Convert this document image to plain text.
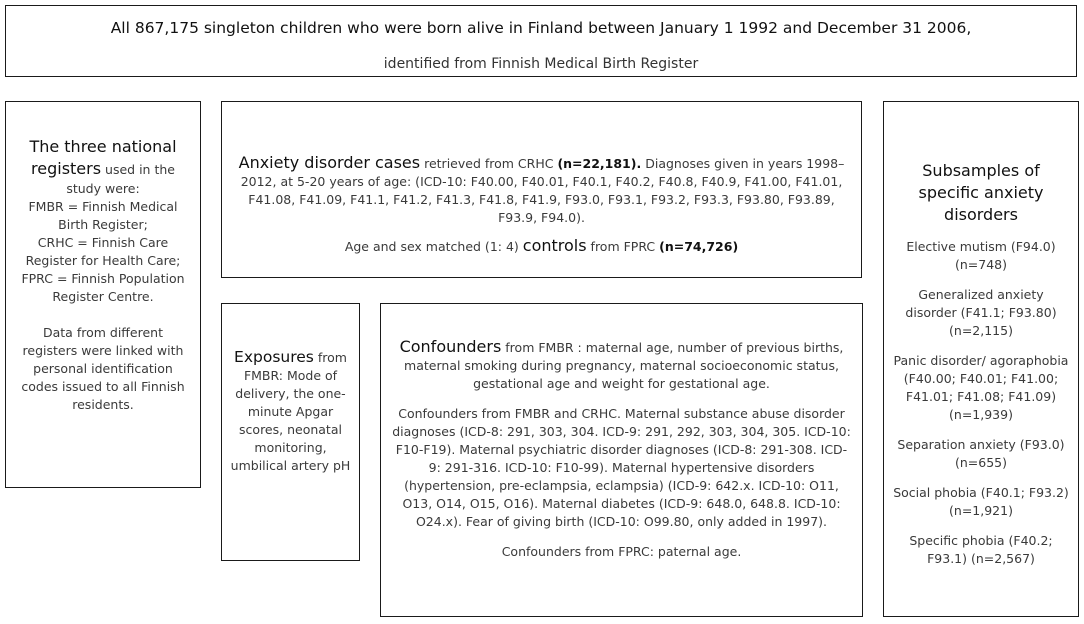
All 867,175 singleton children who were born alive in Finland between January 1 1992 and December 31 2006,

identified from Finnish Medical Birth Register

The three national registers used in the study were:

FMBR = Finnish Medical Birth Register;

CRHC = Finnish Care Register for Health Care;

FPRC = Finnish Population Register Centre.

Data from different registers were linked with personal identification codes issued to all Finnish residents.

Anxiety disorder cases retrieved from CRHC (n=22,181). Diagnoses given in years 1998–2012, at 5-20 years of age: (ICD-10: F40.00, F40.01, F40.1, F40.2, F40.8, F40.9, F41.00, F41.01, F41.08, F41.09, F41.1, F41.2, F41.3, F41.8, F41.9, F93.0, F93.1, F93.2, F93.3, F93.80, F93.89, F93.9, F94.0).

Age and sex matched (1: 4) controls from FPRC (n=74,726)

Exposures from FMBR: Mode of delivery, the one-minute Apgar scores, neonatal monitoring, umbilical artery pH

Confounders from FMBR : maternal age, number of previous births, maternal smoking during pregnancy, maternal socioeconomic status, gestational age and weight for gestational age.

Confounders from FMBR and CRHC. Maternal substance abuse disorder diagnoses (ICD-8: 291, 303, 304. ICD-9: 291, 292, 303, 304, 305. ICD-10: F10-F19). Maternal psychiatric disorder diagnoses (ICD-8: 291-308. ICD-9: 291-316. ICD-10: F10-99). Maternal hypertensive disorders (hypertension, pre-eclampsia, eclampsia) (ICD-9: 642.x. ICD-10: O11, O13, O14, O15, O16). Maternal diabetes (ICD-9: 648.0, 648.8. ICD-10: O24.x). Fear of giving birth (ICD-10: O99.80, only added in 1997).

Confounders from FPRC: paternal age.

Subsamples of specific anxiety disorders

Elective mutism (F94.0) (n=748)

Generalized anxiety disorder (F41.1; F93.80) (n=2,115)

Panic disorder/ agoraphobia (F40.00; F40.01; F41.00; F41.01; F41.08; F41.09) (n=1,939)

Separation anxiety (F93.0) (n=655)

Social phobia (F40.1; F93.2) (n=1,921)

Specific phobia (F40.2; F93.1) (n=2,567)
